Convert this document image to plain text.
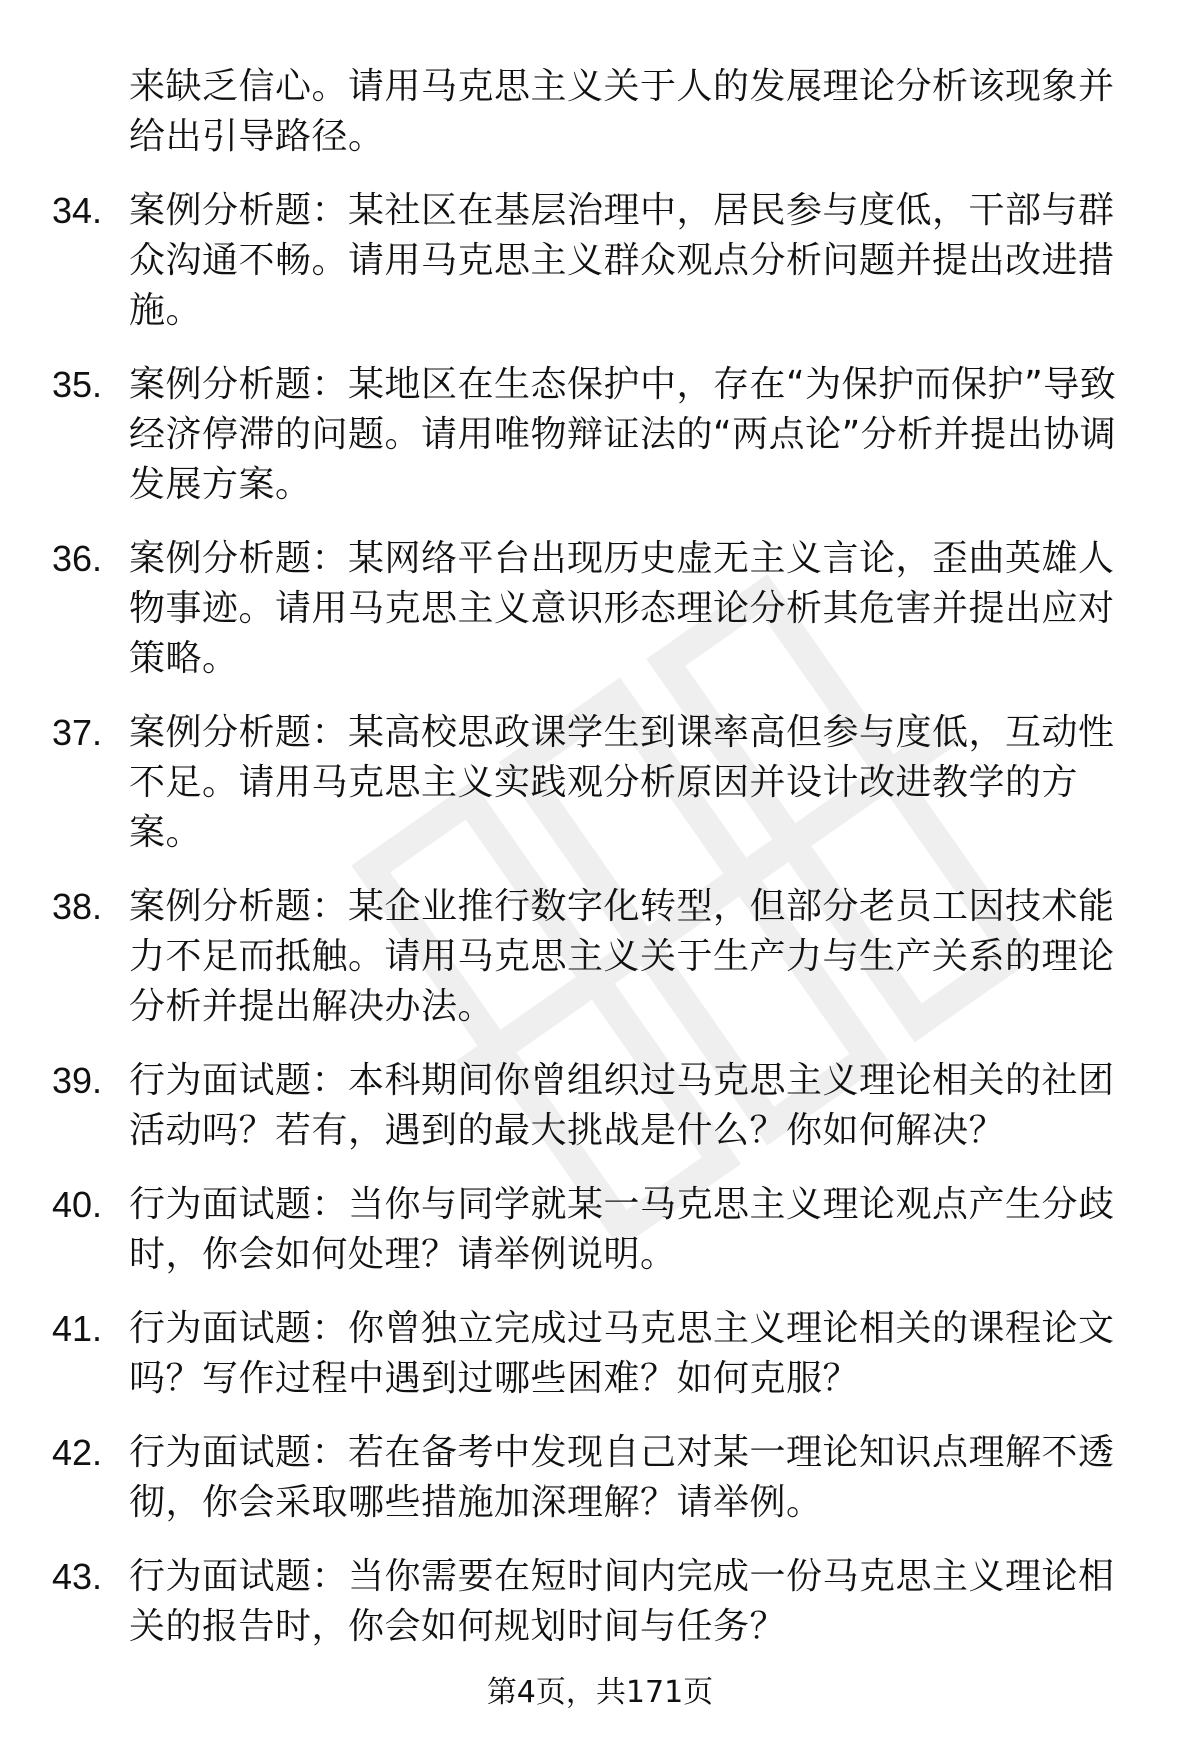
来缺乏信心。请用马克思主义关于人的发展理论分析该现象并给出引导路径。
34. 案例分析题：某社区在基层治理中，居民参与度低，干部与群众沟通不畅。请用马克思主义群众观点分析问题并提出改进措施。
35. 案例分析题：某地区在生态保护中，存在“为保护而保护”导致经济停滞的问题。请用唯物辩证法的“两点论”分析并提出协调发展方案。
36. 案例分析题：某网络平台出现历史虚无主义言论，歪曲英雄人物事迹。请用马克思主义意识形态理论分析其危害并提出应对策略。
37. 案例分析题：某高校思政课学生到课率高但参与度低，互动性不足。请用马克思主义实践观分析原因并设计改进教学的方案。
38. 案例分析题：某企业推行数字化转型，但部分老员工因技术能力不足而抵触。请用马克思主义关于生产力与生产关系的理论分析并提出解决办法。
39. 行为面试题：本科期间你曾组织过马克思主义理论相关的社团活动吗？若有，遇到的最大挑战是什么？你如何解决？
40. 行为面试题：当你与同学就某一马克思主义理论观点产生分歧时，你会如何处理？请举例说明。
41. 行为面试题：你曾独立完成过马克思主义理论相关的课程论文吗？写作过程中遇到过哪些困难？如何克服？
42. 行为面试题：若在备考中发现自己对某一理论知识点理解不透彻，你会采取哪些措施加深理解？请举例。
43. 行为面试题：当你需要在短时间内完成一份马克思主义理论相关的报告时，你会如何规划时间与任务？
第4页，共171页
